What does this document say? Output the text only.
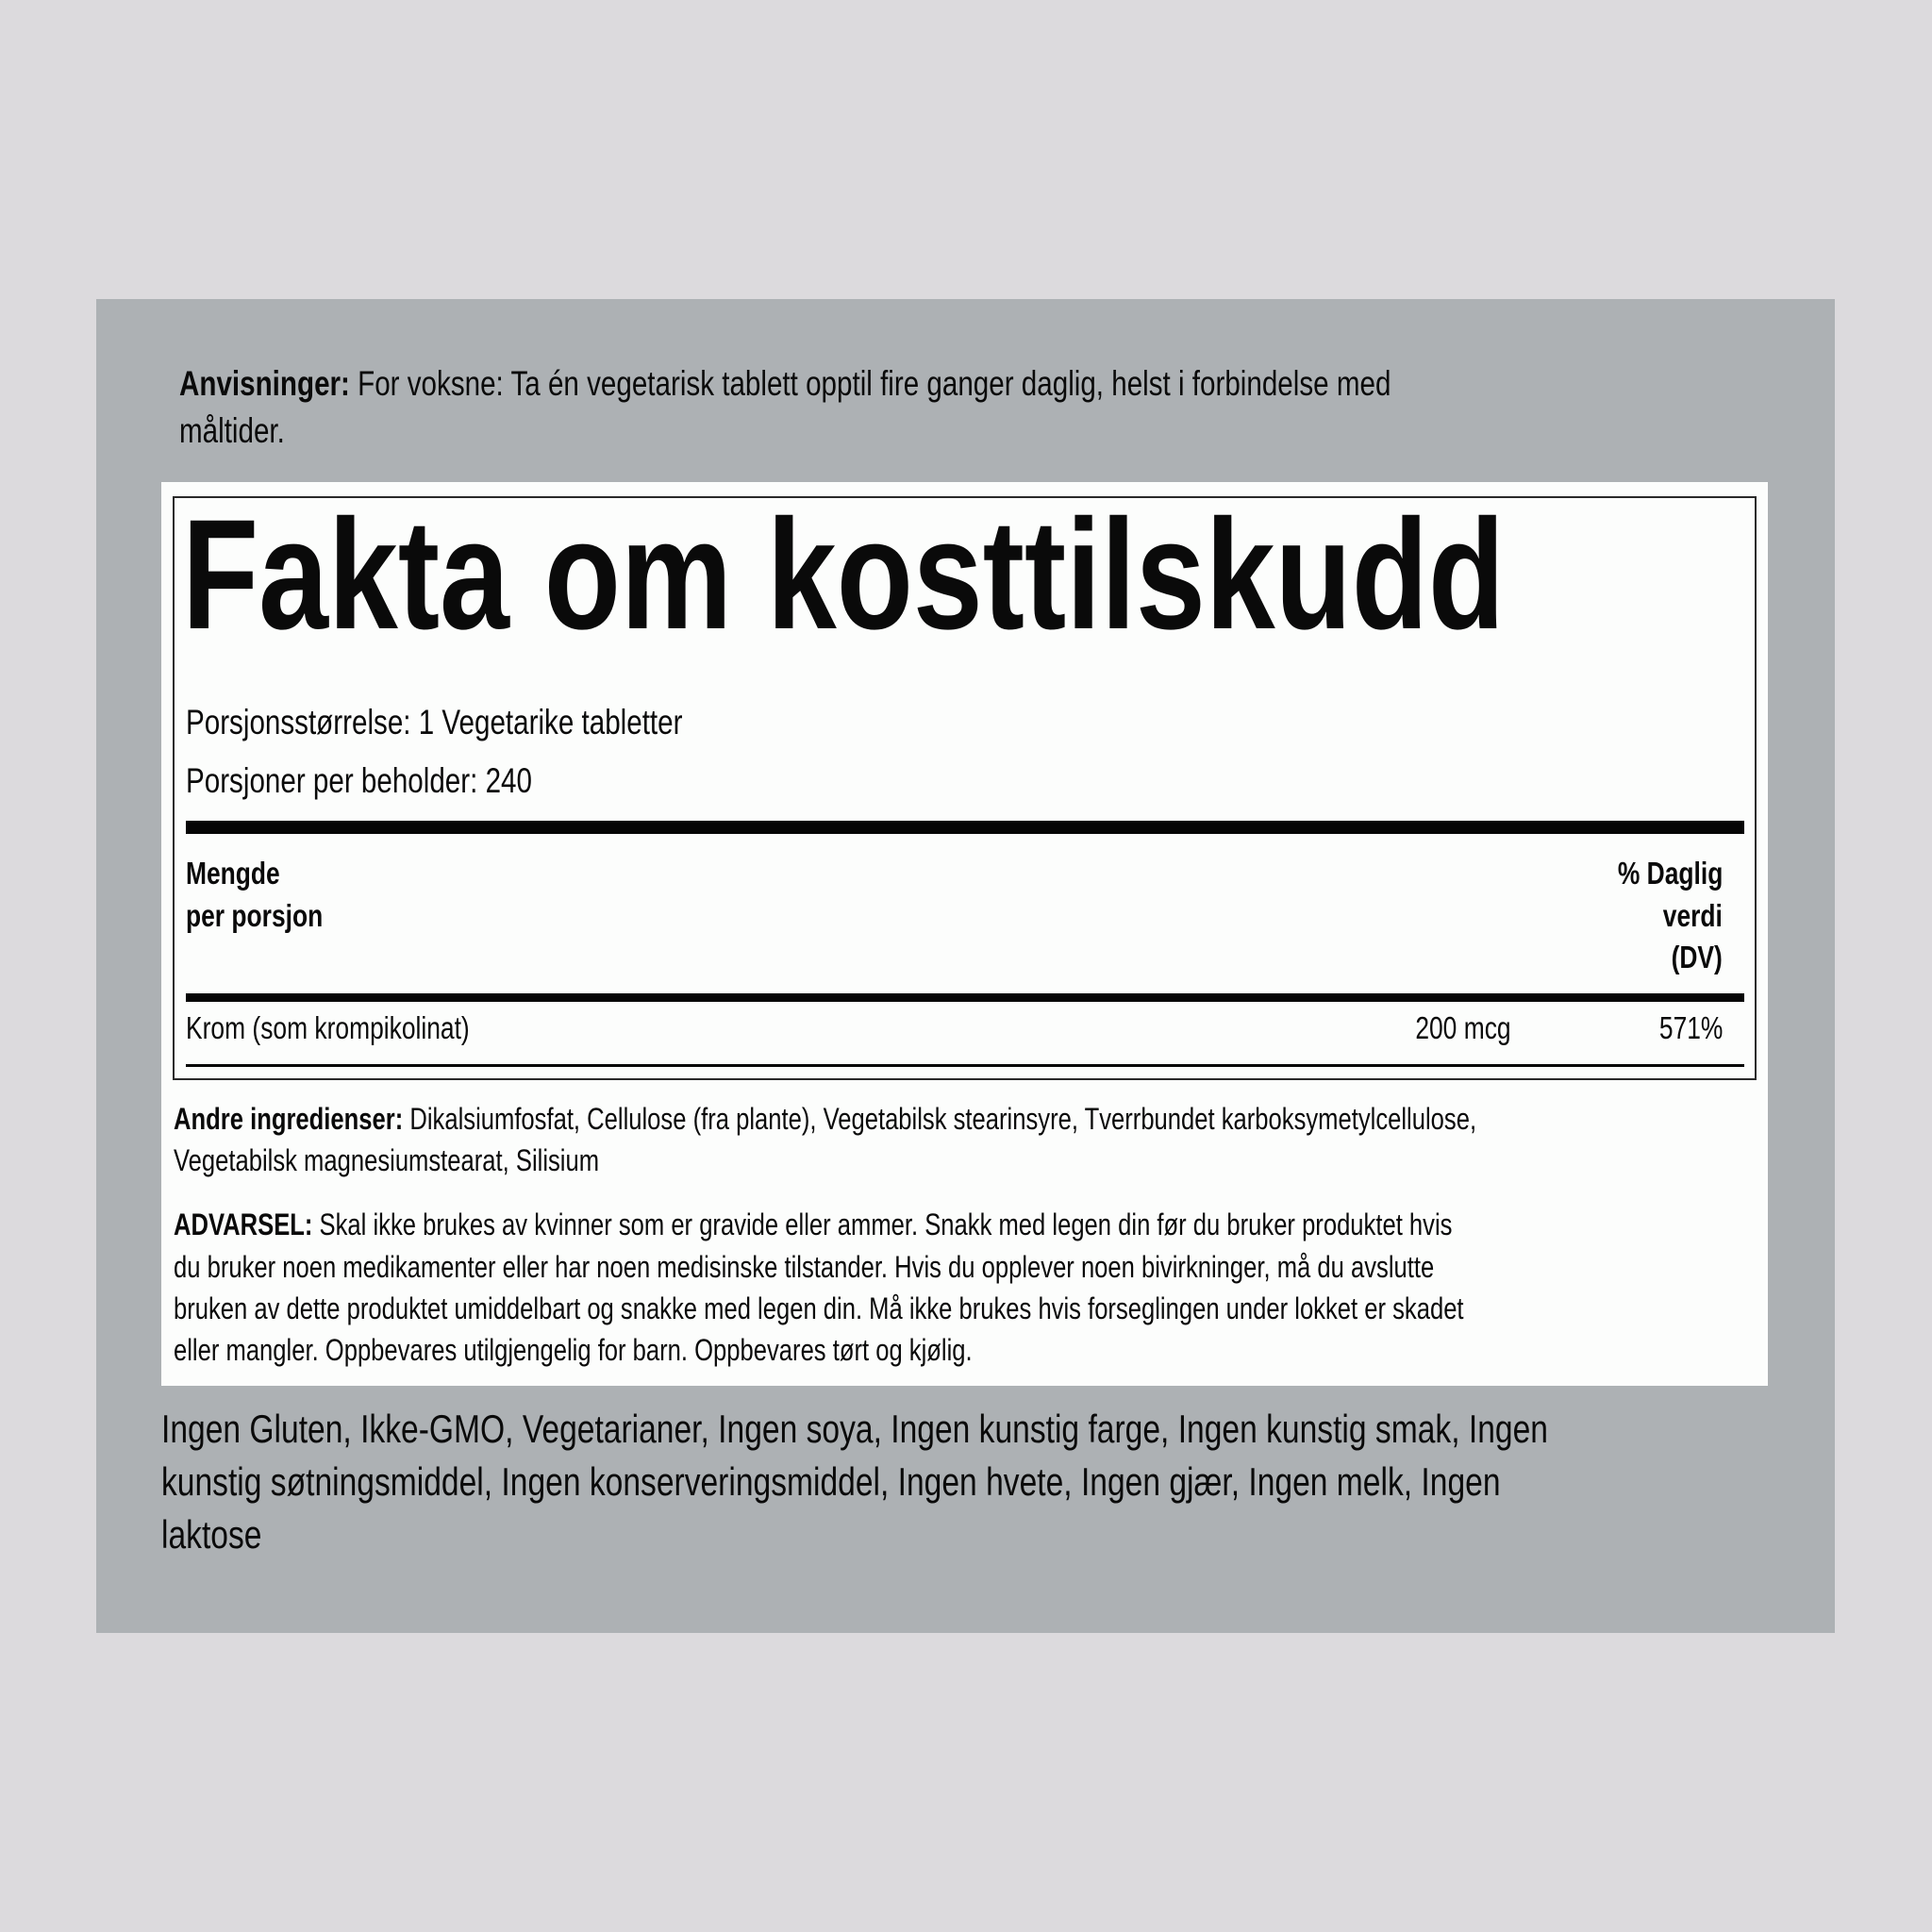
Anvisninger: For voksne: Ta én vegetarisk tablett opptil fire ganger daglig, helst i forbindelse med
måltider.
Fakta om kosttilskudd
Porsjonsstørrelse: 1 Vegetarike tabletter
Porsjoner per beholder: 240
Mengde
per porsjon
% Daglig
verdi
(DV)
Krom (som krompikolinat)	200 mcg	571%
Andre ingredienser: Dikalsiumfosfat, Cellulose (fra plante), Vegetabilsk stearinsyre, Tverrbundet karboksymetylcellulose,
Vegetabilsk magnesiumstearat, Silisium
ADVARSEL: Skal ikke brukes av kvinner som er gravide eller ammer. Snakk med legen din før du bruker produktet hvis
du bruker noen medikamenter eller har noen medisinske tilstander. Hvis du opplever noen bivirkninger, må du avslutte
bruken av dette produktet umiddelbart og snakke med legen din. Må ikke brukes hvis forseglingen under lokket er skadet
eller mangler. Oppbevares utilgjengelig for barn. Oppbevares tørt og kjølig.
Ingen Gluten, Ikke-GMO, Vegetarianer, Ingen soya, Ingen kunstig farge, Ingen kunstig smak, Ingen
kunstig søtningsmiddel, Ingen konserveringsmiddel, Ingen hvete, Ingen gjær, Ingen melk, Ingen
laktose
